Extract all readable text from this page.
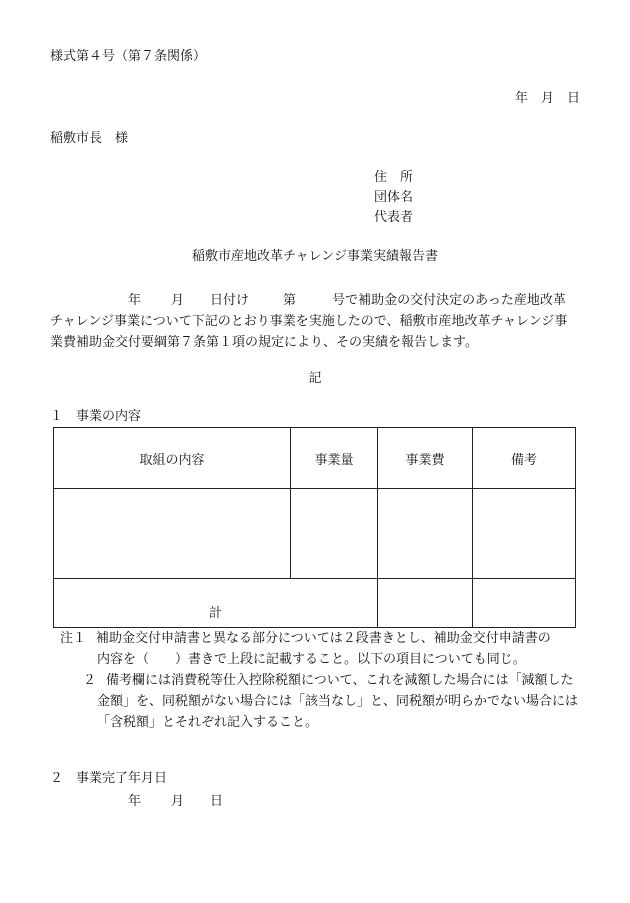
様式第４号（第７条関係）
年　月　日
稲敷市長　様
住　所
団体名
代表者
稲敷市産地改革チャレンジ事業実績報告書
年 月 日付け	第	号で補助金の交付決定のあった産地改革
チャレンジ事業について下記のとおり事業を実施したので、稲敷市産地改革チャレンジ事
業費補助金交付要綱第７条第１項の規定により、その実績を報告します。
記
１　事業の内容
取組の内容	事業量	事業費	備考
計
注１ 補助金交付申請書と異なる部分については２段書きとし、補助金交付申請書の
内容を（　　）書きで上段に記載すること。以下の項目についても同じ。
２ 備考欄には消費税等仕入控除税額について、これを減額した場合には「減額した
金額」を、同税額がない場合には「該当なし」と、同税額が明らかでない場合には
「含税額」とそれぞれ記入すること。
２　事業完了年月日
年 月 日
